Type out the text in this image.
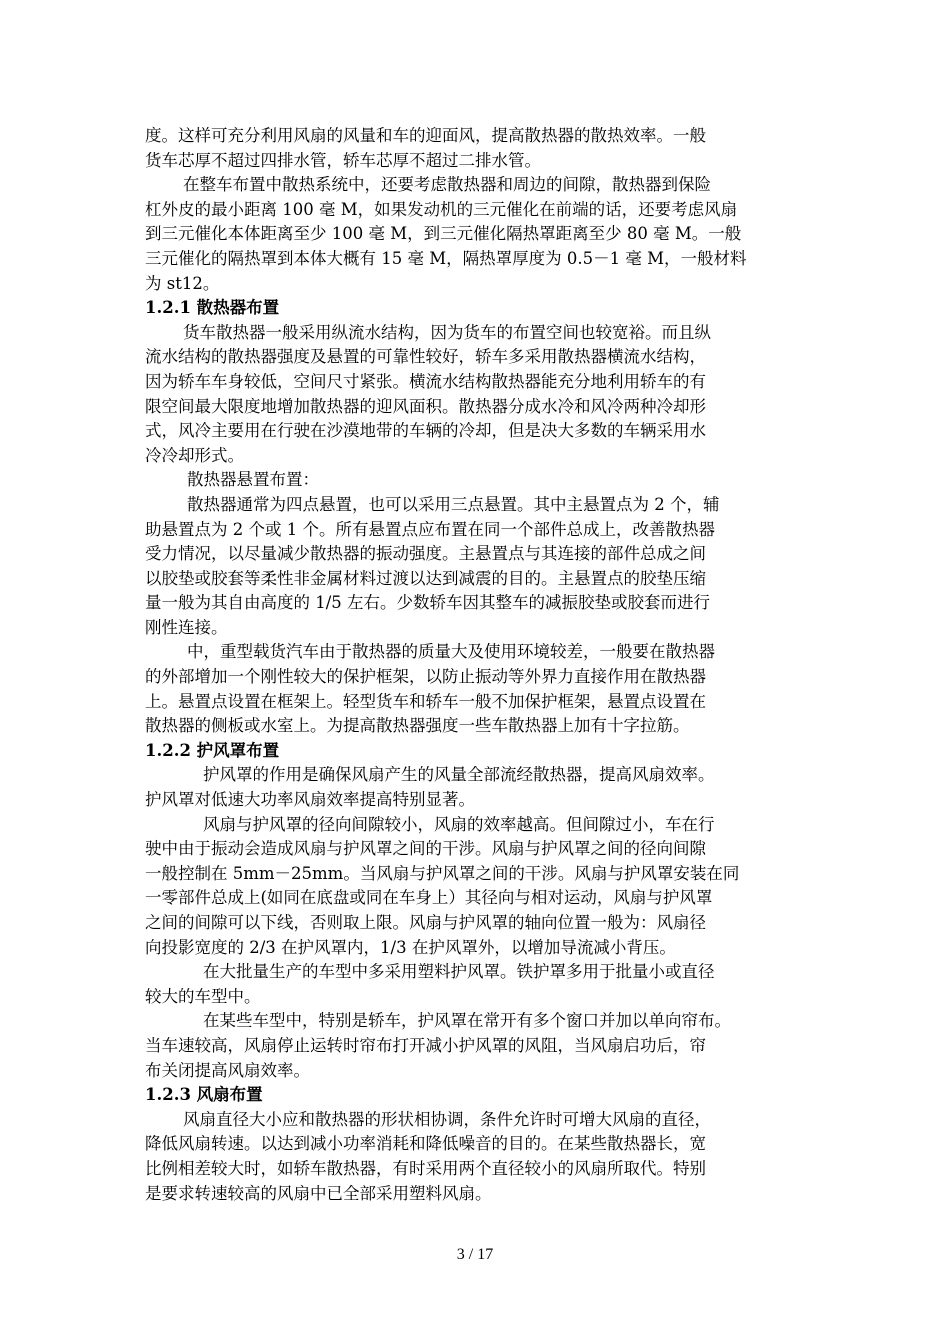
度。这样可充分利用风扇的风量和车的迎面风，提高散热器的散热效率。一般
货车芯厚不超过四排水管，轿车芯厚不超过二排水管。
在整车布置中散热系统中，还要考虑散热器和周边的间隙，散热器到保险
杠外皮的最小距离 100 毫 M，如果发动机的三元催化在前端的话，还要考虑风扇
到三元催化本体距离至少 100 毫 M，到三元催化隔热罩距离至少 80 毫 M。一般
三元催化的隔热罩到本体大概有 15 毫 M，隔热罩厚度为 0.5－1 毫 M，一般材料
为 st12。
1.2.1 散热器布置
货车散热器一般采用纵流水结构，因为货车的布置空间也较宽裕。而且纵
流水结构的散热器强度及悬置的可靠性较好，轿车多采用散热器横流水结构，
因为轿车车身较低，空间尺寸紧张。横流水结构散热器能充分地利用轿车的有
限空间最大限度地增加散热器的迎风面积。散热器分成水冷和风冷两种冷却形
式，风冷主要用在行驶在沙漠地带的车辆的冷却，但是决大多数的车辆采用水
冷冷却形式。
散热器悬置布置：
散热器通常为四点悬置，也可以采用三点悬置。其中主悬置点为 2 个，辅
助悬置点为 2 个或 1 个。所有悬置点应布置在同一个部件总成上，改善散热器
受力情况，以尽量减少散热器的振动强度。主悬置点与其连接的部件总成之间
以胶垫或胶套等柔性非金属材料过渡以达到减震的目的。主悬置点的胶垫压缩
量一般为其自由高度的 1/5 左右。少数轿车因其整车的减振胶垫或胶套而进行
刚性连接。
中，重型载货汽车由于散热器的质量大及使用环境较差，一般要在散热器
的外部增加一个刚性较大的保护框架，以防止振动等外界力直接作用在散热器
上。悬置点设置在框架上。轻型货车和轿车一般不加保护框架，悬置点设置在
散热器的侧板或水室上。为提高散热器强度一些车散热器上加有十字拉筋。
1.2.2 护风罩布置
护风罩的作用是确保风扇产生的风量全部流经散热器，提高风扇效率。
护风罩对低速大功率风扇效率提高特别显著。
风扇与护风罩的径向间隙较小，风扇的效率越高。但间隙过小，车在行
驶中由于振动会造成风扇与护风罩之间的干涉。风扇与护风罩之间的径向间隙
一般控制在 5mm－25mm。当风扇与护风罩之间的干涉。风扇与护风罩安装在同
一零部件总成上(如同在底盘或同在车身上）其径向与相对运动，风扇与护风罩
之间的间隙可以下线，否则取上限。风扇与护风罩的轴向位置一般为：风扇径
向投影宽度的 2/3 在护风罩内，1/3 在护风罩外，以增加导流减小背压。
在大批量生产的车型中多采用塑料护风罩。铁护罩多用于批量小或直径
较大的车型中。
在某些车型中，特别是轿车，护风罩在常开有多个窗口并加以单向帘布。
当车速较高，风扇停止运转时帘布打开减小护风罩的风阻，当风扇启功后，帘
布关闭提高风扇效率。
1.2.3 风扇布置
风扇直径大小应和散热器的形状相协调，条件允许时可增大风扇的直径，
降低风扇转速。以达到减小功率消耗和降低噪音的目的。在某些散热器长，宽
比例相差较大时，如轿车散热器，有时采用两个直径较小的风扇所取代。特别
是要求转速较高的风扇中已全部采用塑料风扇。
3 / 17
